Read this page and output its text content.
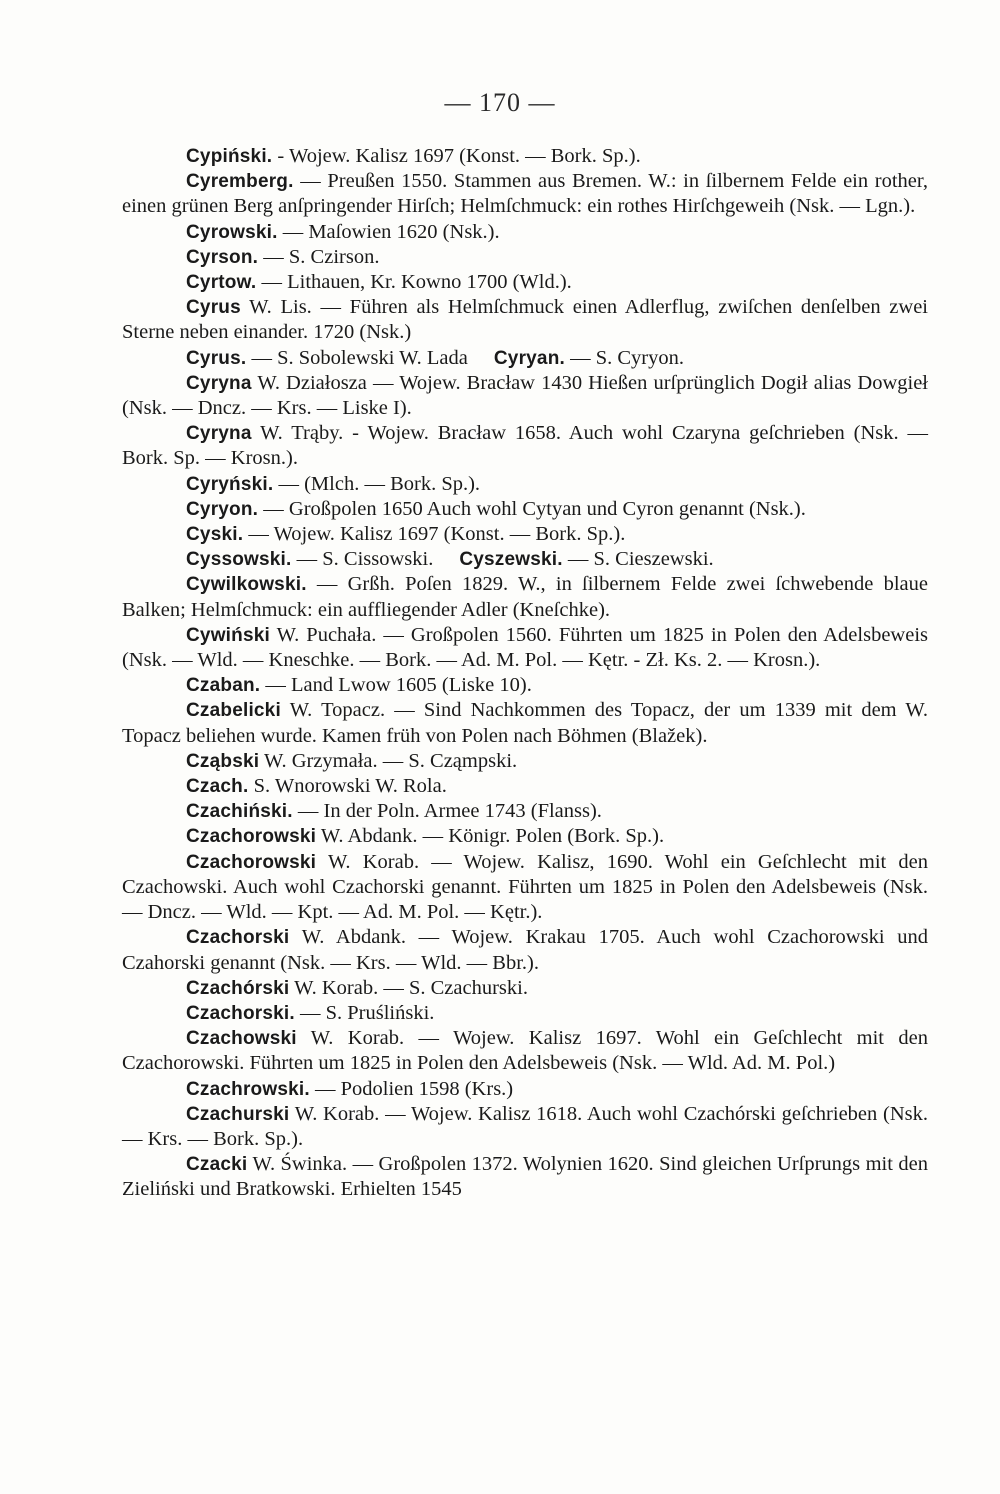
— 170 —

Cypiński. - Wojew. Kalisz 1697 (Konst. — Bork. Sp.).

Cyremberg. — Preußen 1550. Stammen aus Bremen. W.: in ſilbernem Felde ein rother, einen grünen Berg anſpringender Hirſch; Helmſchmuck: ein rothes Hirſchgeweih (Nsk. — Lgn.).

Cyrowski. — Maſowien 1620 (Nsk.).

Cyrson. — S. Czirson.

Cyrtow. — Lithauen, Kr. Kowno 1700 (Wld.).

Cyrus W. Lis. — Führen als Helmſchmuck einen Adlerflug, zwiſchen denſelben zwei Sterne neben einander. 1720 (Nsk.)

Cyrus. — S. Sobolewski W. Lada Cyryan. — S. Cyryon.

Cyryna W. Działosza — Wojew. Bracław 1430 Hießen urſprünglich Dogił alias Dowgieł (Nsk. — Dncz. — Krs. — Liske I).

Cyryna W. Trąby. - Wojew. Bracław 1658. Auch wohl Czaryna geſchrieben (Nsk. — Bork. Sp. — Krosn.).

Cyryński. — (Mlch. — Bork. Sp.).

Cyryon. — Großpolen 1650 Auch wohl Cytyan und Cyron genannt (Nsk.).

Cyski. — Wojew. Kalisz 1697 (Konst. — Bork. Sp.).

Cyssowski. — S. Cissowski. Cyszewski. — S. Cieszewski.

Cywilkowski. — Grßh. Poſen 1829. W., in ſilbernem Felde zwei ſchwebende blaue Balken; Helmſchmuck: ein auffliegender Adler (Kneſchke).

Cywiński W. Puchała. — Großpolen 1560. Führten um 1825 in Polen den Adelsbeweis (Nsk. — Wld. — Kneschke. — Bork. — Ad. M. Pol. — Kętr. - Zł. Ks. 2. — Krosn.).

Czaban. — Land Lwow 1605 (Liske 10).

Czabelicki W. Topacz. — Sind Nachkommen des Topacz, der um 1339 mit dem W. Topacz beliehen wurde. Kamen früh von Polen nach Böhmen (Blažek).

Cząbski W. Grzymała. — S. Cząmpski.

Czach. S. Wnorowski W. Rola.

Czachiński. — In der Poln. Armee 1743 (Flanss).

Czachorowski W. Abdank. — Königr. Polen (Bork. Sp.).

Czachorowski W. Korab. — Wojew. Kalisz, 1690. Wohl ein Geſchlecht mit den Czachowski. Auch wohl Czachorski genannt. Führten um 1825 in Polen den Adelsbeweis (Nsk. — Dncz. — Wld. — Kpt. — Ad. M. Pol. — Kętr.).

Czachorski W. Abdank. — Wojew. Krakau 1705. Auch wohl Czachorowski und Czahorski genannt (Nsk. — Krs. — Wld. — Bbr.).

Czachórski W. Korab. — S. Czachurski.

Czachorski. — S. Pruśliński.

Czachowski W. Korab. — Wojew. Kalisz 1697. Wohl ein Geſchlecht mit den Czachorowski. Führten um 1825 in Polen den Adelsbeweis (Nsk. — Wld. Ad. M. Pol.)

Czachrowski. — Podolien 1598 (Krs.)

Czachurski W. Korab. — Wojew. Kalisz 1618. Auch wohl Czachórski geſchrieben (Nsk. — Krs. — Bork. Sp.).

Czacki W. Świnka. — Großpolen 1372. Wolynien 1620. Sind gleichen Urſprungs mit den Zieliński und Bratkowski. Erhielten 1545
